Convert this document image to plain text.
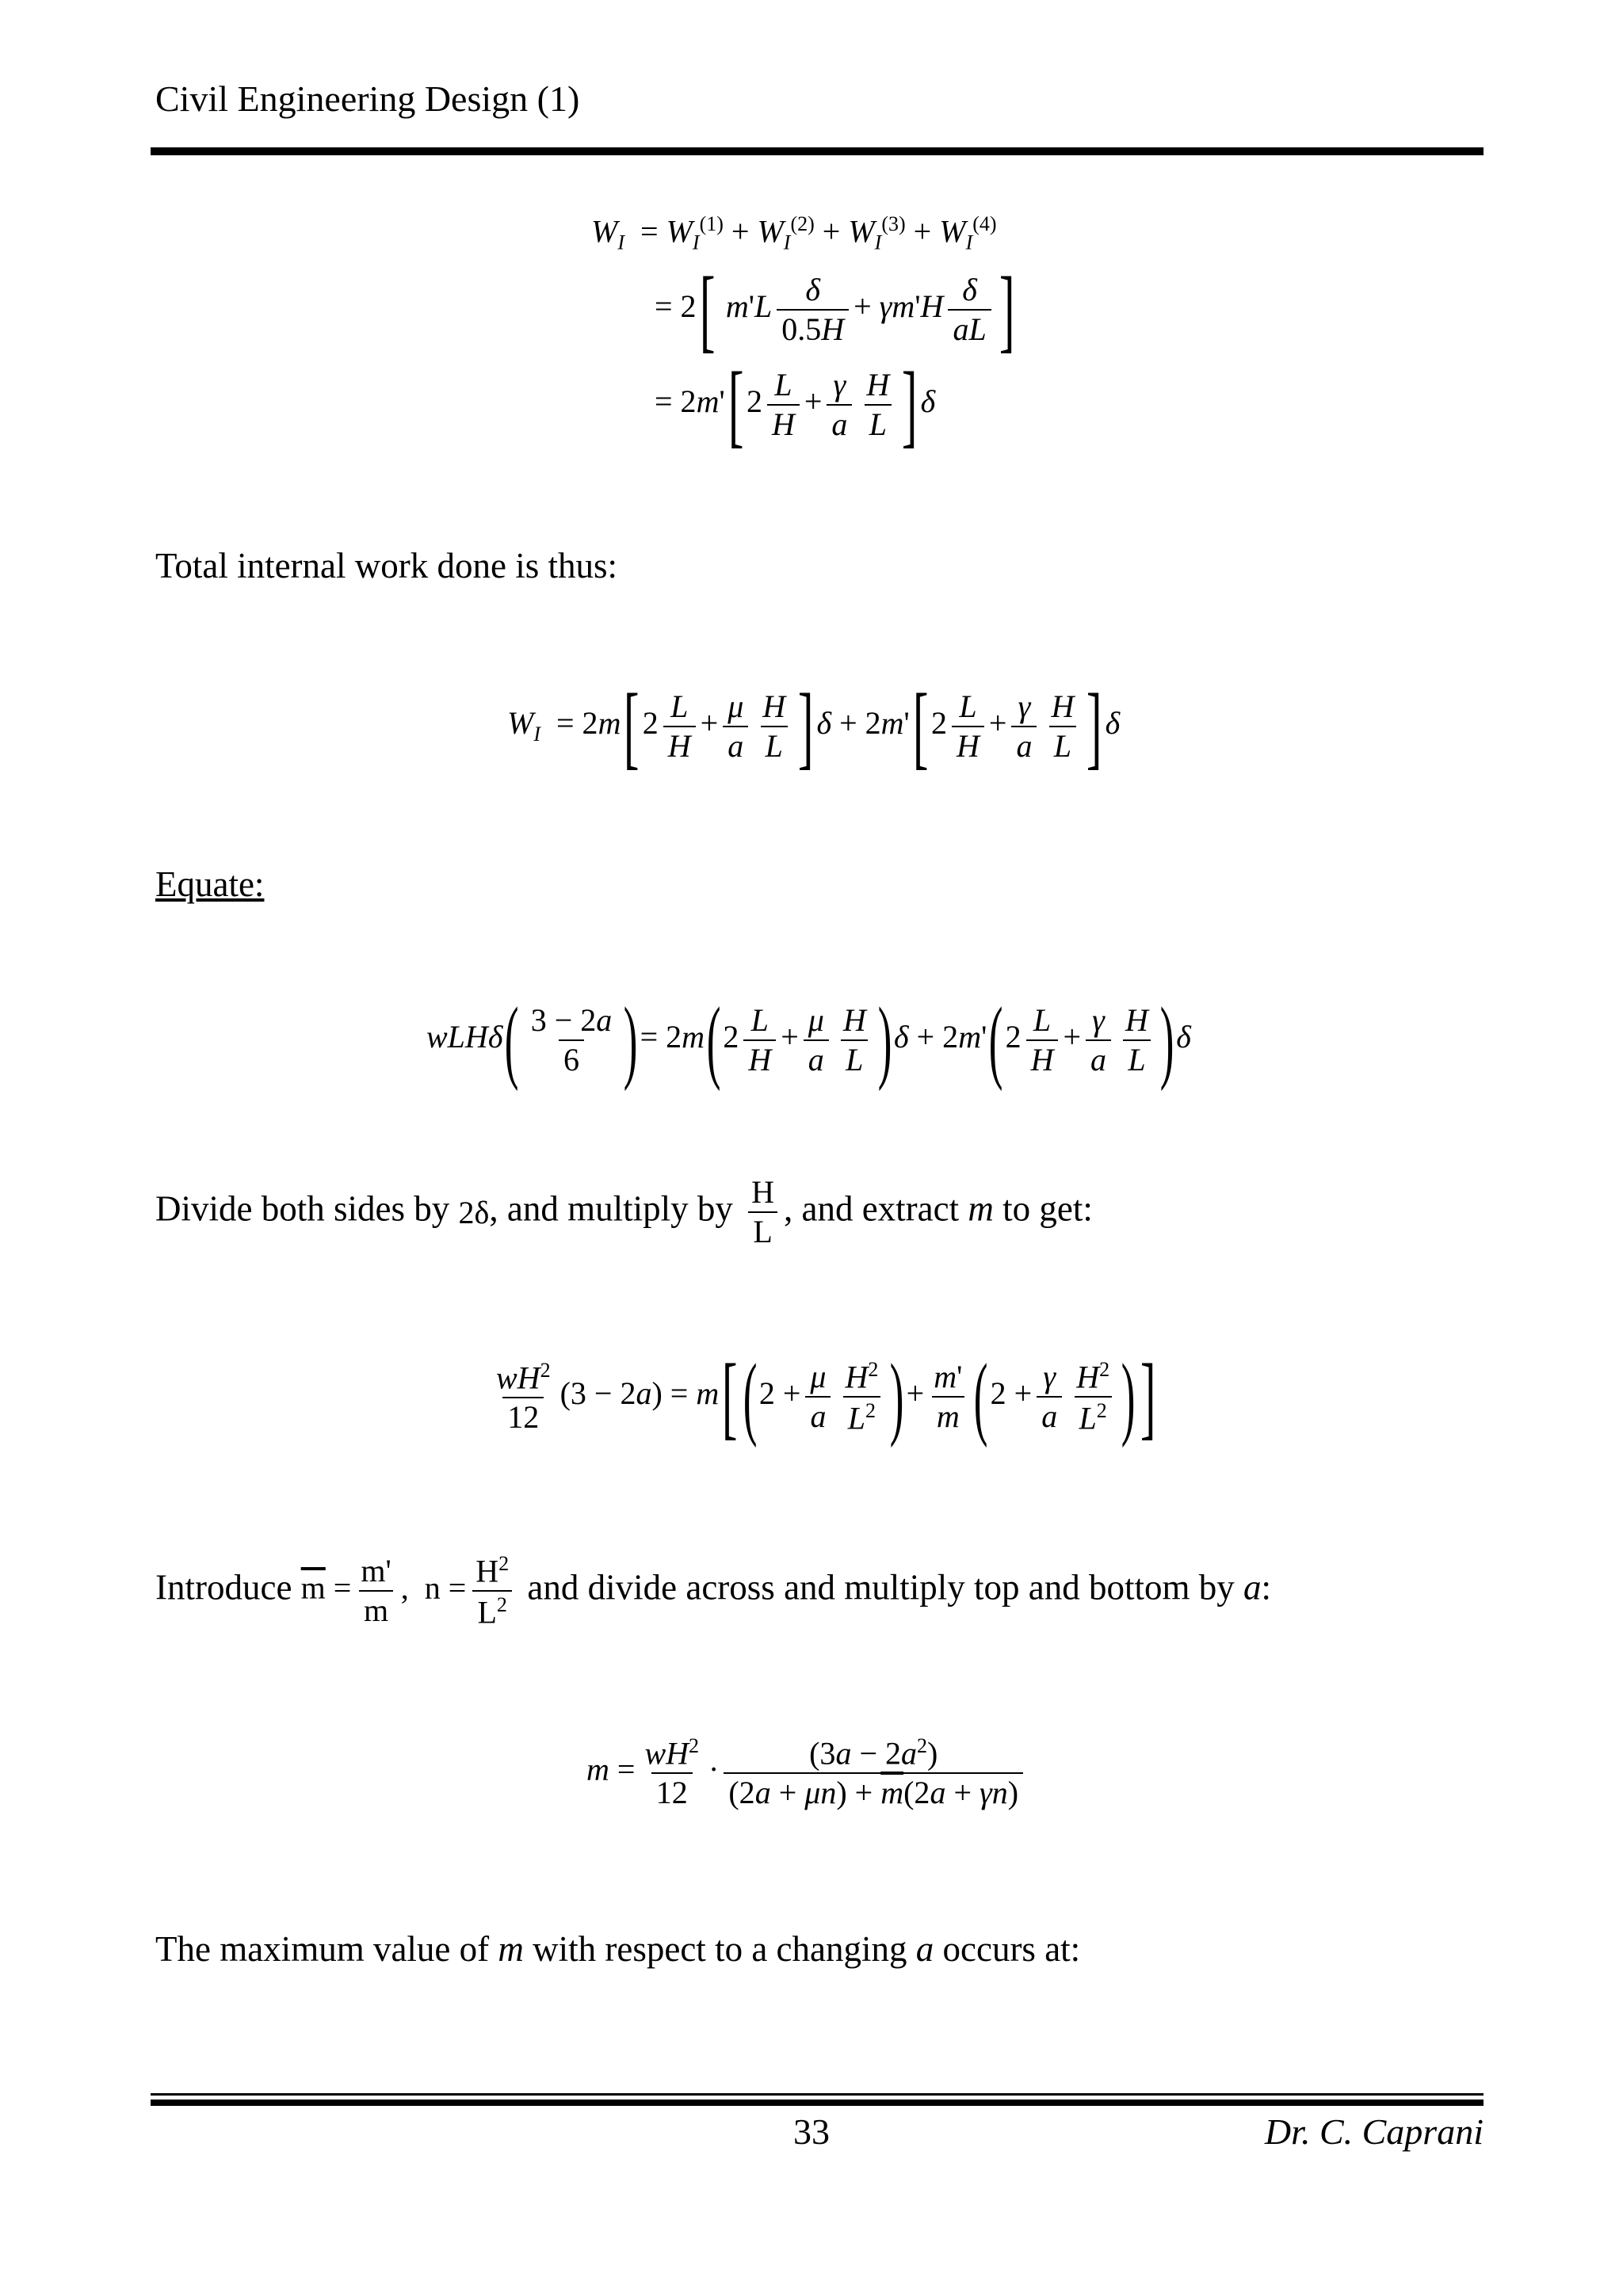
Civil Engineering Design (1)
$W_I = W_I^{(1)} + W_I^{(2)} + W_I^{(3)} + W_I^{(4)}$
= 2[ $m'L \frac{\delta}{0.5H} + \gamma m'H \frac{\delta}{aL}$ ]
= $2m'[2 \frac{L}{H} + \frac{\gamma}{a} \frac{H}{L} ]\delta$
Total internal work done is thus:
$W_I = 2m[2 \frac{L}{H} + \frac{\mu}{a} \frac{H}{L} ]\delta + 2m'[2 \frac{L}{H} + \frac{\gamma}{a} \frac{H}{L} ]\delta$
Equate:
$wLH\delta( \frac{3 - 2a}{6}$ )= $2m(2 \frac{L}{H} + \frac{\mu}{a} \frac{H}{L} )\delta + 2m'(2 \frac{L}{H} + \frac{\gamma}{a} \frac{H}{L} )\delta$
Divide both sides by 2δ, and multiply by $\frac{H}{L}$ , and extract m to get:
$\frac{wH^2}{12} (3 - 2a) = m[(2 + \frac{\mu}{a} \frac{H^2}{L^2}$ )+ $\frac{m'}{m} (2 + \frac{\gamma}{a} \frac{H^2}{L^2}$ )]
Introduce $\overline{m} = \frac{m'}{m}$ ,  $n = \frac{H^2}{L^2}$ and divide across and multiply top and bottom by a:
$m = \frac{wH^2}{12} \cdot \frac{(3a - 2a^2)}{(2a + \mu n) + \overline{m}(2a + \gamma n)}$
The maximum value of m with respect to a changing a occurs at:
33	Dr. C. Caprani
